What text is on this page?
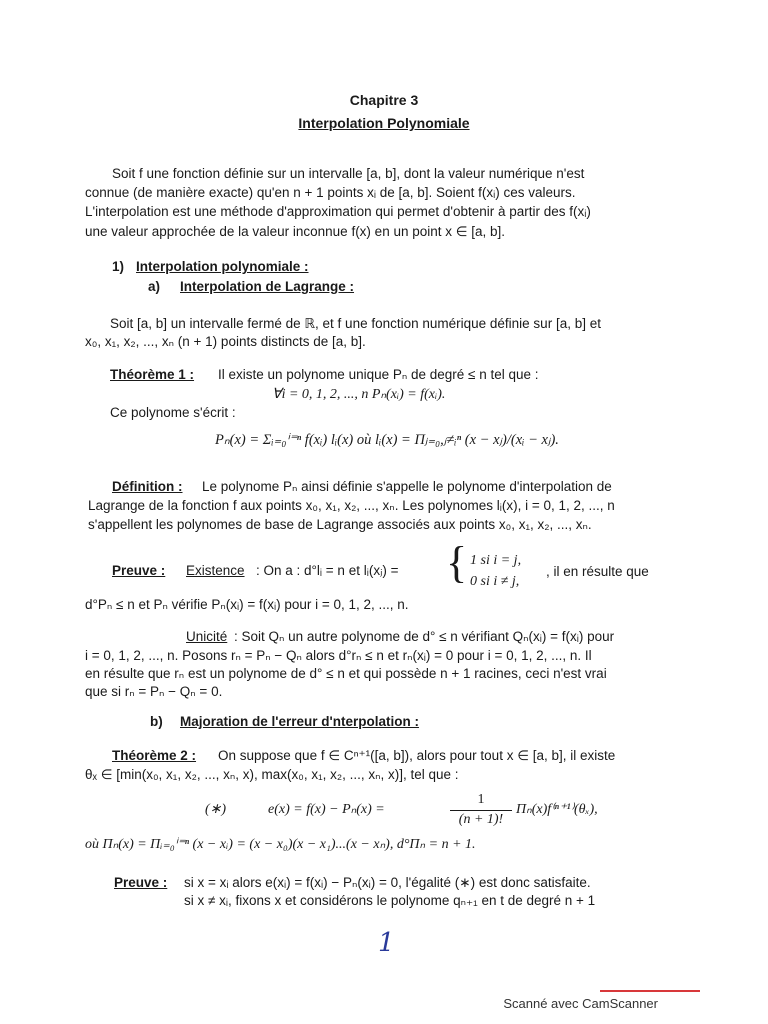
Chapitre 3
Interpolation Polynomiale
Soit f une fonction définie sur un intervalle [a, b], dont la valeur numérique n'est
connue (de manière exacte) qu'en n + 1 points xᵢ de [a, b]. Soient f(xᵢ) ces valeurs.
L'interpolation est une méthode d'approximation qui permet d'obtenir à partir des f(xᵢ)
une valeur approchée de la valeur inconnue f(x) en un point x ∈ [a, b].
1) Interpolation polynomiale :
a) Interpolation de Lagrange :
Soit [a, b] un intervalle fermé de ℝ, et f une fonction numérique définie sur [a, b] et
x₀, x₁, x₂, ..., xₙ (n + 1) points distincts de [a, b].
Théorème 1 : Il existe un polynome unique Pₙ de degré ≤ n tel que :
∀i = 0, 1, 2, ..., n Pₙ(xᵢ) = f(xᵢ).
Ce polynome s'écrit :
Pₙ(x) = Σᵢ₌₀ⁱ⁼ⁿ f(xᵢ) lᵢ(x) où lᵢ(x) = Πⱼ₌₀,ⱼ≠ᵢⁿ (x − xⱼ)/(xᵢ − xⱼ).
Définition : Le polynome Pₙ ainsi définie s'appelle le polynome d'interpolation de
Lagrange de la fonction f aux points x₀, x₁, x₂, ..., xₙ. Les polynomes lᵢ(x), i = 0, 1, 2, ..., n
s'appellent les polynomes de base de Lagrange associés aux points x₀, x₁, x₂, ..., xₙ.
Preuve : Existence : On a : d°lᵢ = n et lᵢ(xⱼ) = { 1 si i = j,
0 si i ≠ j,
, il en résulte que
d°Pₙ ≤ n et Pₙ vérifie Pₙ(xᵢ) = f(xᵢ) pour i = 0, 1, 2, ..., n.
Unicité : Soit Qₙ un autre polynome de d° ≤ n vérifiant Qₙ(xᵢ) = f(xᵢ) pour
i = 0, 1, 2, ..., n. Posons rₙ = Pₙ − Qₙ alors d°rₙ ≤ n et rₙ(xᵢ) = 0 pour i = 0, 1, 2, ..., n. Il
en résulte que rₙ est un polynome de d° ≤ n et qui possède n + 1 racines, ceci n'est vrai
que si rₙ = Pₙ − Qₙ = 0.
b) Majoration de l'erreur d'nterpolation :
Théorème 2 : On suppose que f ∈ Cⁿ⁺¹([a, b]), alors pour tout x ∈ [a, b], il existe
θₓ ∈ [min(x₀, x₁, x₂, ..., xₙ, x), max(x₀, x₁, x₂, ..., xₙ, x)], tel que :
(∗)	e(x) = f(x) − Pₙ(x) =
1
(n + 1)!
Πₙ(x)f⁽ⁿ⁺¹⁾(θₓ),
où Πₙ(x) = Πᵢ₌₀ⁱ⁼ⁿ (x − xᵢ) = (x − x₀)(x − x₁)...(x − xₙ), d°Πₙ = n + 1.
Preuve : si x = xᵢ alors e(xᵢ) = f(xᵢ) − Pₙ(xᵢ) = 0, l'égalité (∗) est donc satisfaite.
si x ≠ xᵢ, fixons x et considérons le polynome qₙ₊₁ en t de degré n + 1
1
Scanné avec CamScanner
